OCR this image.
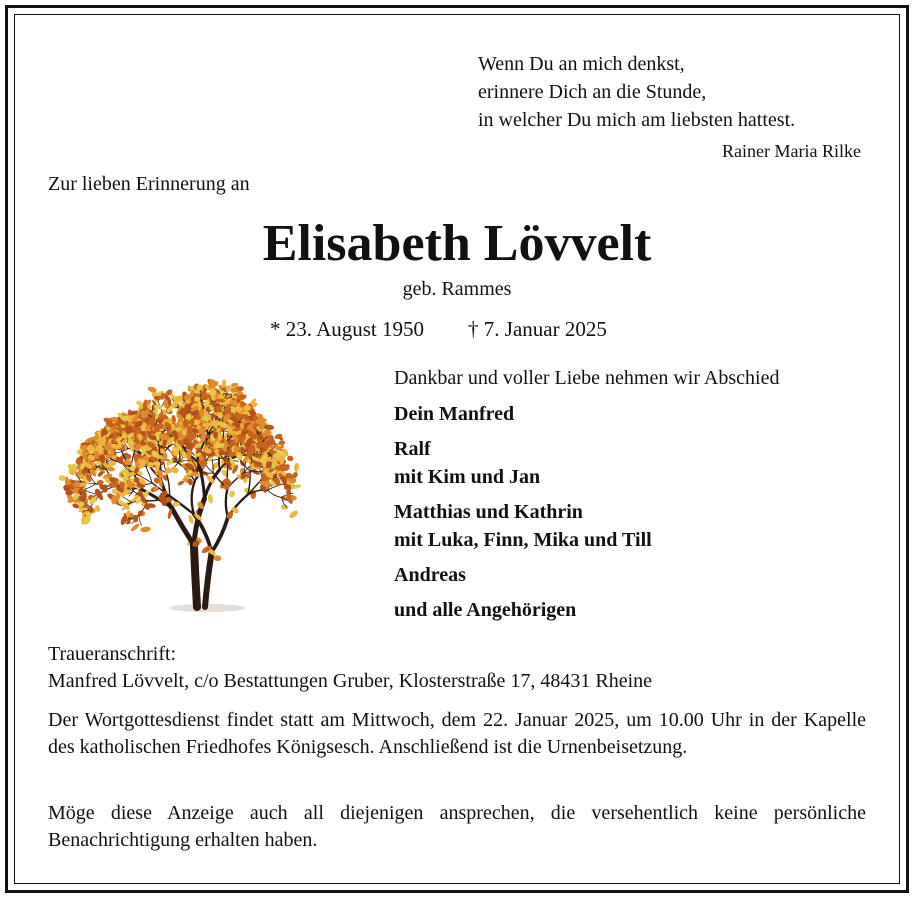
Wenn Du an mich denkst,
erinnere Dich an die Stunde,
in welcher Du mich am liebsten hattest.
Rainer Maria Rilke
Zur lieben Erinnerung an
Elisabeth Lövvelt
geb. Rammes
* 23. August 1950 † 7. Januar 2025
Dankbar und voller Liebe nehmen wir Abschied
Dein Manfred
Ralf
mit Kim und Jan
Matthias und Kathrin
mit Luka, Finn, Mika und Till
Andreas
und alle Angehörigen
Traueranschrift:
Manfred Lövvelt, c/o Bestattungen Gruber, Klosterstraße 17, 48431 Rheine
Der Wortgottesdienst findet statt am Mittwoch, dem 22. Januar 2025, um 10.00 Uhr in der Kapelle des katholischen Friedhofes Königsesch. Anschließend ist die Urnenbeisetzung.
Möge diese Anzeige auch all diejenigen ansprechen, die versehentlich keine persönliche Benachrichtigung erhalten haben.
